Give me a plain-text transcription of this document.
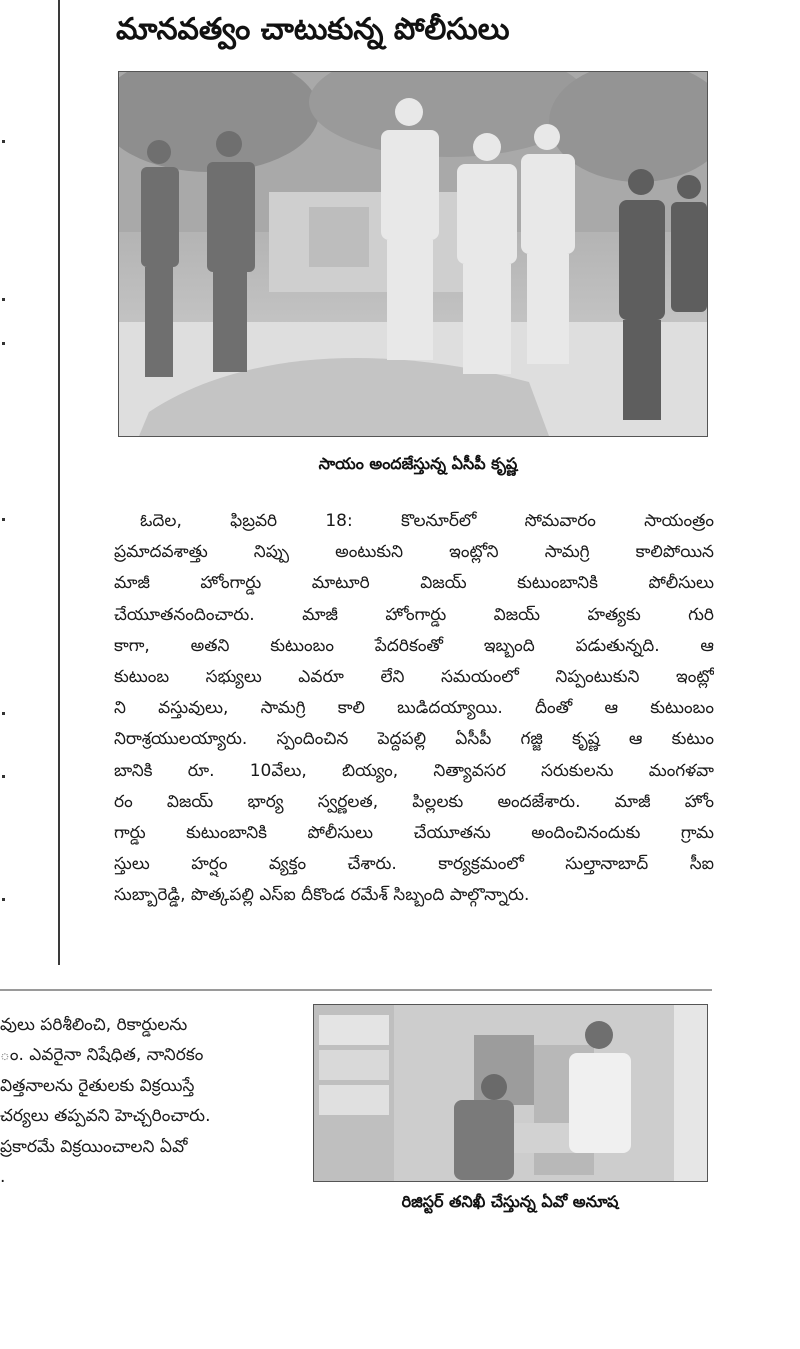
మానవత్వం చాటుకున్న పోలీసులు

సాయం అందజేస్తున్న ఏసీపీ కృష్ణ

ఓదెల, ఫిబ్రవరి 18: కొలనూర్‌లో సోమవారం సాయంత్రం
ప్రమాదవశాత్తు నిప్పు అంటుకుని ఇంట్లోని సామగ్రి కాలిపోయిన
మాజీ హోంగార్డు మాటూరి విజయ్ కుటుంబానికి పోలీసులు
చేయూతనందించారు. మాజీ హోంగార్డు విజయ్ హత్యకు గురి
కాగా, అతని కుటుంబం పేదరికంతో ఇబ్బంది పడుతున్నది. ఆ
కుటుంబ సభ్యులు ఎవరూ లేని సమయంలో నిప్పంటుకుని ఇంట్లో
ని వస్తువులు, సామగ్రి కాలి బుడిదయ్యాయి. దీంతో ఆ కుటుంబం
నిరాశ్రయులయ్యారు. స్పందించిన పెద్దపల్లి ఏసీపీ గజ్జి కృష్ణ ఆ కుటుం
బానికి రూ. 10వేలు, బియ్యం, నిత్యావసర సరుకులను మంగళవా
రం విజయ్ భార్య స్వర్ణలత, పిల్లలకు అందజేశారు. మాజీ హోం
గార్డు కుటుంబానికి పోలీసులు చేయూతను అందించినందుకు గ్రామ
స్తులు హర్షం వ్యక్తం చేశారు. కార్యక్రమంలో సుల్తానాబాద్ సీఐ
సుబ్బారెడ్డి, పొత్కపల్లి ఎస్ఐ దీకొండ రమేశ్ సిబ్బంది పాల్గొన్నారు.
వులు పరిశీలించి, రికార్డులను
ం. ఎవరైనా నిషేధిత, నానిరకం
విత్తనాలను రైతులకు విక్రయిస్తే
చర్యలు తప్పవని హెచ్చరించారు.
ప్రకారమే విక్రయించాలని ఏవో
.

రిజిస్టర్ తనిఖీ చేస్తున్న ఏవో అనూష
